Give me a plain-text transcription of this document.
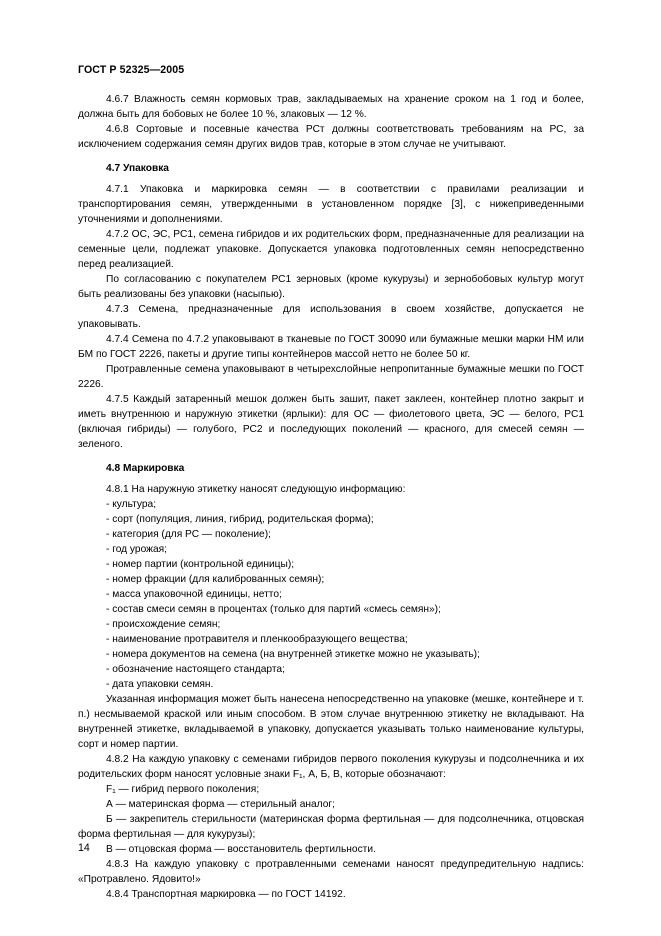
ГОСТ Р 52325—2005

4.6.7 Влажность семян кормовых трав, закладываемых на хранение сроком на 1 год и более, должна быть для бобовых не более 10 %, злаковых — 12 %.

4.6.8 Сортовые и посевные качества РСт должны соответствовать требованиям на РС, за исключением содержания семян других видов трав, которые в этом случае не учитывают.

4.7 Упаковка

4.7.1 Упаковка и маркировка семян — в соответствии с правилами реализации и транспортирования семян, утвержденными в установленном порядке [3], с нижеприведенными уточнениями и дополнениями.

4.7.2 ОС, ЭС, РС1, семена гибридов и их родительских форм, предназначенные для реализации на семенные цели, подлежат упаковке. Допускается упаковка подготовленных семян непосредственно перед реализацией.

По согласованию с покупателем РС1 зерновых (кроме кукурузы) и зернобобовых культур могут быть реализованы без упаковки (насыпью).

4.7.3 Семена, предназначенные для использования в своем хозяйстве, допускается не упаковывать.

4.7.4 Семена по 4.7.2 упаковывают в тканевые по ГОСТ 30090 или бумажные мешки марки НМ или БМ по ГОСТ 2226, пакеты и другие типы контейнеров массой нетто не более 50 кг.

Протравленные семена упаковывают в четырехслойные непропитанные бумажные мешки по ГОСТ 2226.

4.7.5 Каждый затаренный мешок должен быть зашит, пакет заклеен, контейнер плотно закрыт и иметь внутреннюю и наружную этикетки (ярлыки): для ОС — фиолетового цвета, ЭС — белого, РС1 (включая гибриды) — голубого, РС2 и последующих поколений — красного, для смесей семян — зеленого.

4.8 Маркировка

4.8.1 На наружную этикетку наносят следующую информацию:

- культура;

- сорт (популяция, линия, гибрид, родительская форма);

- категория (для РС — поколение);

- год урожая;

- номер партии (контрольной единицы);

- номер фракции (для калиброванных семян);

- масса упаковочной единицы, нетто;

- состав смеси семян в процентах (только для партий «смесь семян»);

- происхождение семян;

- наименование протравителя и пленкообразующего вещества;

- номера документов на семена (на внутренней этикетке можно не указывать);

- обозначение настоящего стандарта;

- дата упаковки семян.

Указанная информация может быть нанесена непосредственно на упаковке (мешке, контейнере и т. п.) несмываемой краской или иным способом. В этом случае внутреннюю этикетку не вкладывают. На внутренней этикетке, вкладываемой в упаковку, допускается указывать только наименование культуры, сорт и номер партии.

4.8.2 На каждую упаковку с семенами гибридов первого поколения кукурузы и подсолнечника и их родительских форм наносят условные знаки F₁, А, Б, В, которые обозначают:

F₁ — гибрид первого поколения;

А — материнская форма — стерильный аналог;

Б — закрепитель стерильности (материнская форма фертильная — для подсолнечника, отцовская форма фертильная — для кукурузы);

В — отцовская форма — восстановитель фертильности.

4.8.3 На каждую упаковку с протравленными семенами наносят предупредительную надпись: «Протравлено. Ядовито!»

4.8.4 Транспортная маркировка — по ГОСТ 14192.

14
